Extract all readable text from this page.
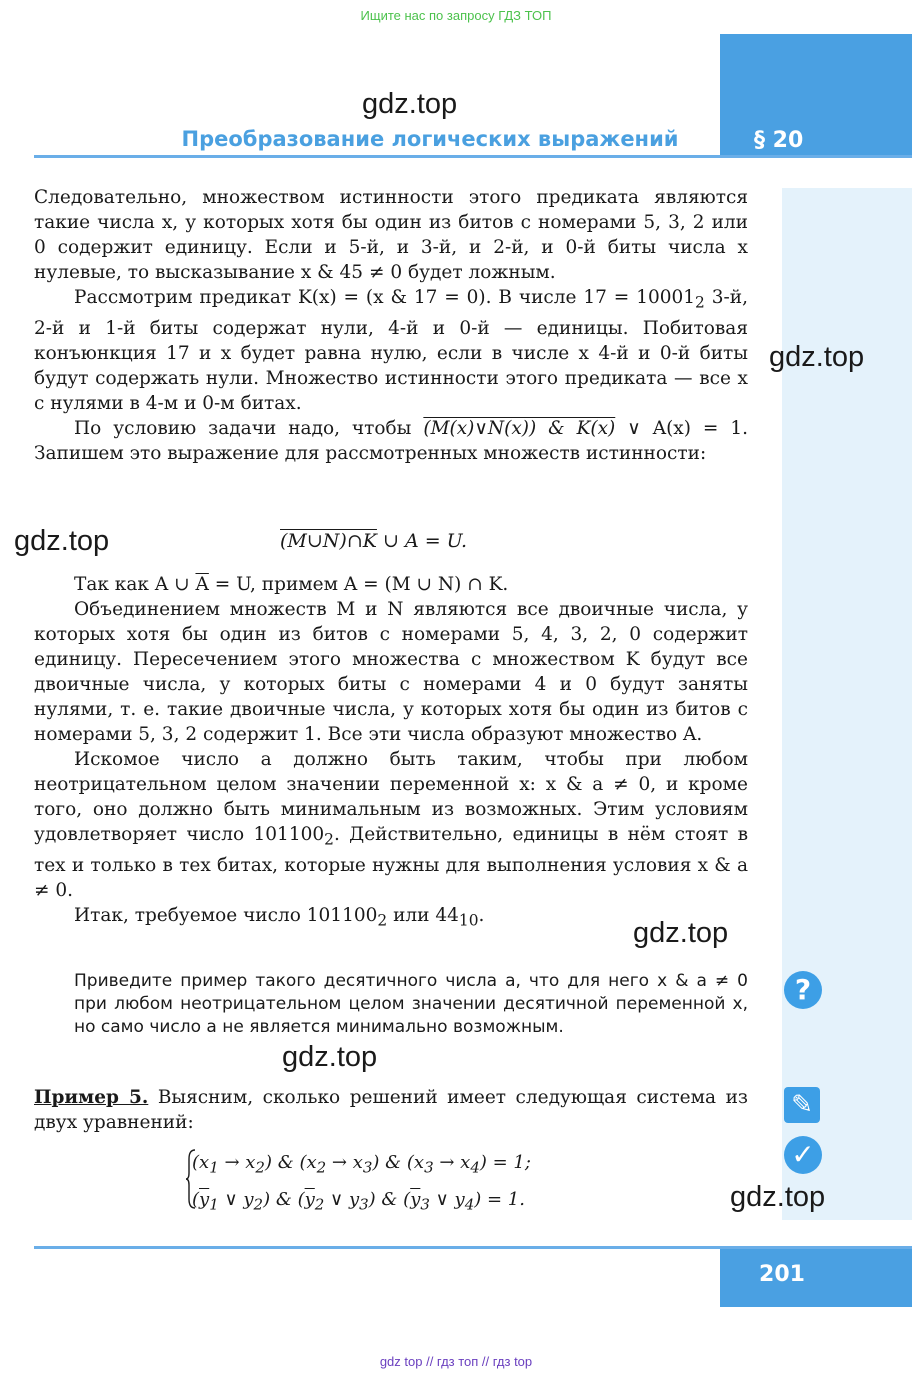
Ищите нас по запросу ГДЗ ТОП
§ 20
gdz.top
Преобразование логических выражений

Следовательно, множеством истинности этого предиката являются такие числа x, у которых хотя бы один из битов с номерами 5, 3, 2 или 0 содержит единицу. Если и 5-й, и 3-й, и 2-й, и 0-й биты числа x нулевые, то высказывание x & 45 ≠ 0 будет ложным.

Рассмотрим предикат K(x) = (x & 17 = 0). В числе $17 = 10001_2$ 3-й, 2-й и 1-й биты содержат нули, 4-й и 0-й — единицы. Побитовая конъюнкция 17 и x будет равна нулю, если в числе x 4-й и 0-й биты будут содержать нули. Множество истинности этого предиката — все x с нулями в 4-м и 0-м битах.

По условию задачи надо, чтобы (M(x)∨N(x)) & K(x) ∨ A(x) = 1. Запишем это выражение для рассмотренных множеств истинности:

gdz.top	(M∪N)∩K ∪ A = U.

Так как A ∪ $\overline{A} = U$, примем A = (M ∪ N) ∩ K.

Объединением множеств M и N являются все двоичные числа, у которых хотя бы один из битов с номерами 5, 4, 3, 2, 0 содержит единицу. Пересечением этого множества с множеством K будут все двоичные числа, у которых биты с номерами 4 и 0 будут заняты нулями, т. е. такие двоичные числа, у которых хотя бы один из битов с номерами 5, 3, 2 содержит 1. Все эти числа образуют множество A.

Искомое число a должно быть таким, чтобы при любом неотрицательном целом значении переменной x: x & a ≠ 0, и кроме того, оно должно быть минимальным из возможных. Этим условиям удовлетворяет число $101100_2$. Действительно, единицы в нём стоят в тех и только в тех битах, которые нужны для выполнения условия x & a ≠ 0.

Итак, требуемое число $101100_2$ или $44_{10}$.

gdz.top
?
Приведите пример такого десятичного числа a, что для него x & a ≠ 0 при любом неотрицательном целом значении десятичной переменной x, но само число a не является минимально возможным.
gdz.top
✎
✓
Пример 5. Выясним, сколько решений имеет следующая система из двух уравнений:
$(x_1 \to x_2)$ & $(x_2 \to x_3)$ & $(x_3 \to x_4) = 1$;
($\overline{y}_1$ ∨ $y_2$) & ($\overline{y}_2$ ∨ $y_3$) & ($\overline{y}_3$ ∨ $y_4) = 1$.	gdz.top
gdz.top
201
gdz top // гдз топ // гдз top
